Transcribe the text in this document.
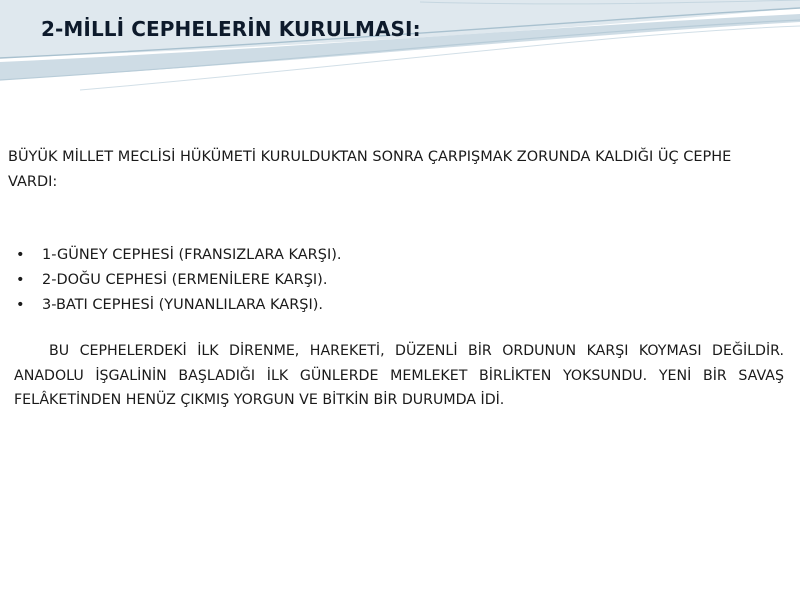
2-MİLLİ CEPHELERİN KURULMASI:

BÜYÜK MİLLET MECLİSİ HÜKÜMETİ KURULDUKTAN SONRA ÇARPIŞMAK ZORUNDA KALDIĞI ÜÇ CEPHE VARDI:

• 1-GÜNEY CEPHESİ (FRANSIZLARA KARŞI).
• 2-DOĞU CEPHESİ (ERMENİLERE KARŞI).
• 3-BATI CEPHESİ (YUNANLILARA KARŞI).

BU CEPHELERDEKİ İLK DİRENME, HAREKETİ, DÜZENLİ BİR ORDUNUN KARŞI KOYMASI DEĞİLDİR. ANADOLU İŞGALİNİN BAŞLADIĞI İLK GÜNLERDE MEMLEKET BİRLİKTEN YOKSUNDU. YENİ BİR SAVAŞ FELÂKETİNDEN HENÜZ ÇIKMIŞ YORGUN VE BİTKİN BİR DURUMDA İDİ.
